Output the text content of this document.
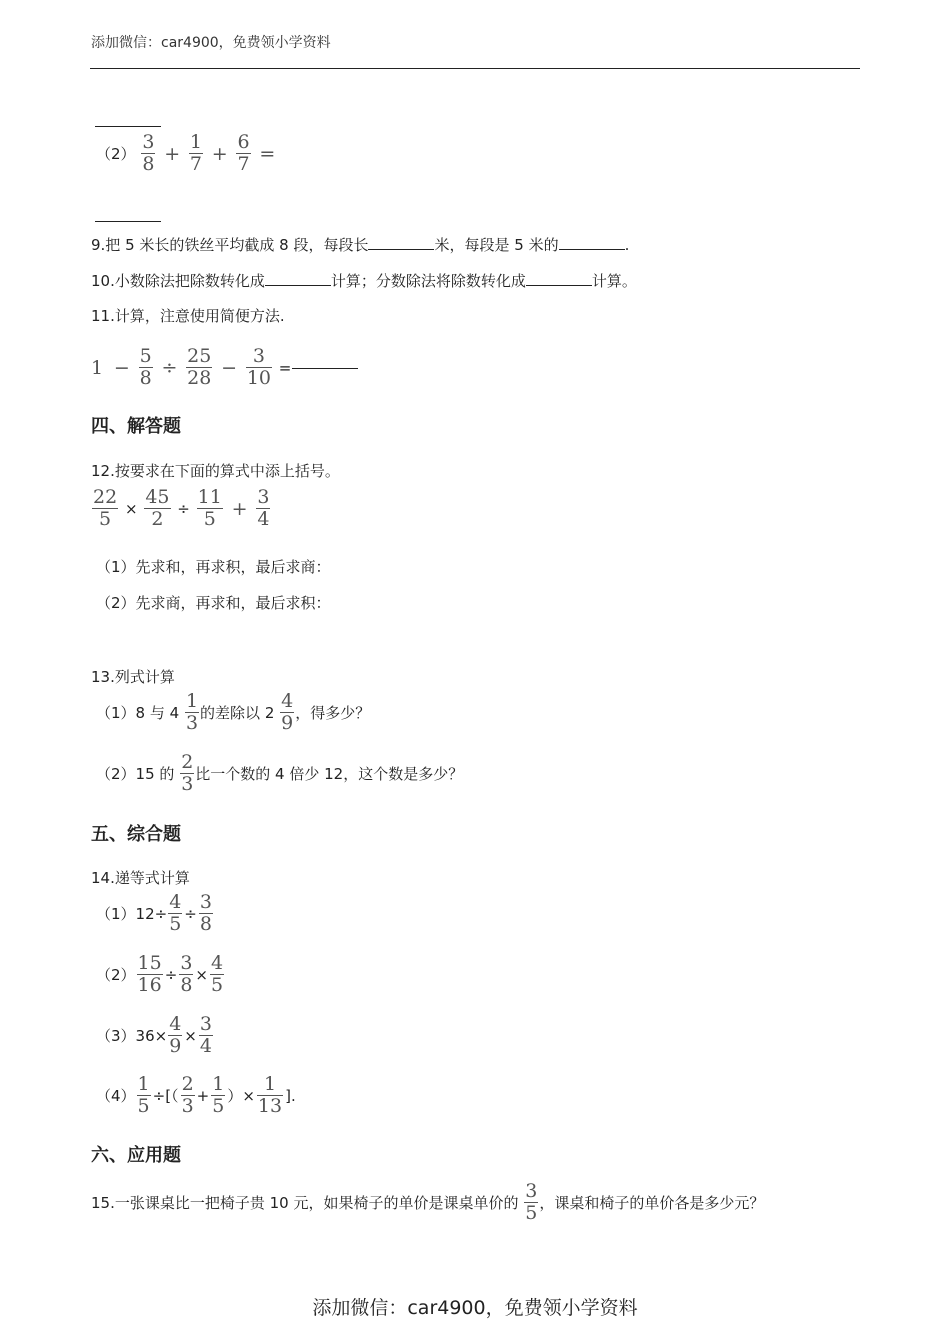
添加微信：car4900，免费领小学资料
$(2) \frac{3}{8} + \frac{1}{7} + \frac{6}{7}$ =
9.把 5 米长的铁丝平均截成 8 段，每段长	米，每段是 5 米的	.
10.小数除法把除数转化成	计算；分数除法将除数转化成	计算。
11.计算，注意使用简便方法.
$1 - \frac{5}{8} \div \frac{25}{28} - \frac{3}{10}$ =
四、解答题
12.按要求在下面的算式中添上括号。
$\frac{22}{5} \times \frac{45}{2} \div \frac{11}{5} + \frac{3}{4}$
（1）先求和，再求积，最后求商：
（2）先求商，再求和，最后求积：
13.列式计算
（1）8 与 $4 \frac{1}{3}$ 的差除以 $2 \frac{4}{9}$ ，得多少？
（2）15 的 $\frac{2}{3}$ 比一个数的 4 倍少 12，这个数是多少？
五、综合题
14.递等式计算
$(1)12\div \frac{4}{5} \div \frac{3}{8}$
$(2) \frac{15}{16} \div \frac{3}{8} \times \frac{4}{5}$
$(3)36\times \frac{4}{9} \times \frac{3}{4}$
$(4) \frac{1}{5}$ ÷[（ $\frac{2}{3} + \frac{1}{5}$ ）× $\frac{1}{13}$ ].
六、应用题
15.一张课桌比一把椅子贵 10 元，如果椅子的单价是课桌单价的 $\frac{3}{5}$ ，课桌和椅子的单价各是多少元？
添加微信：car4900，免费领小学资料
